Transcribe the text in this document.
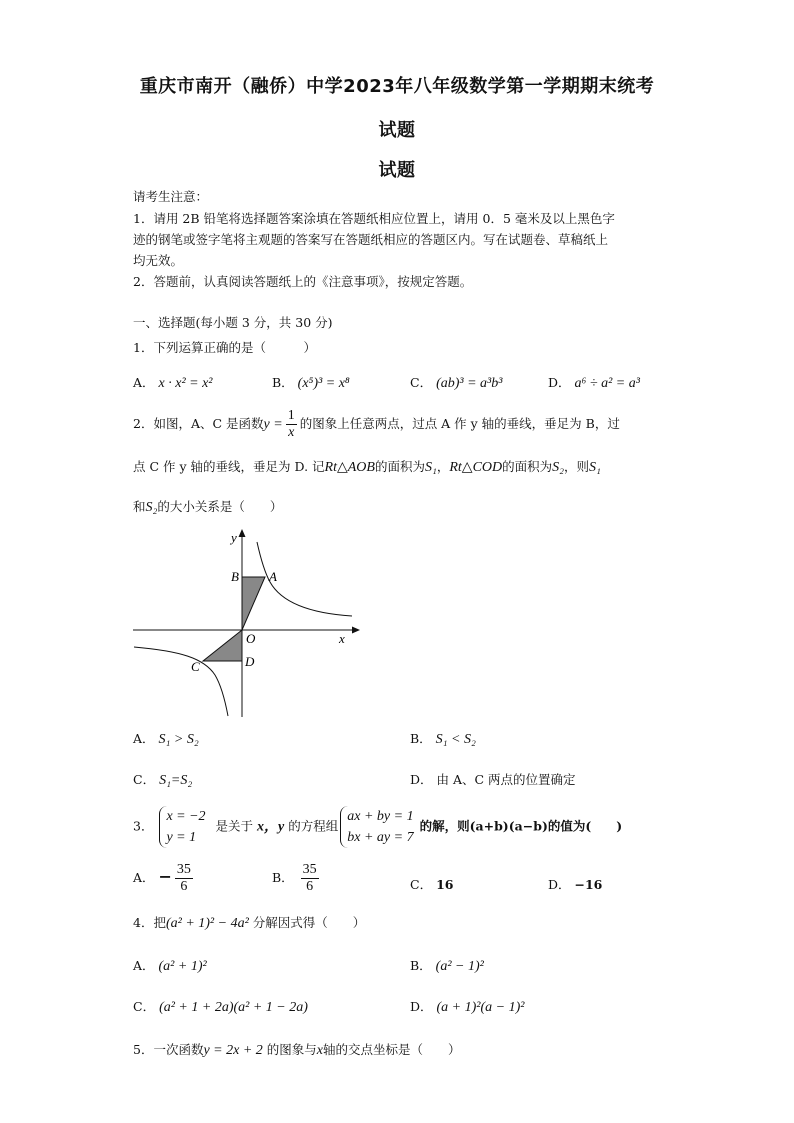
重庆市南开（融侨）中学2023年八年级数学第一学期期末统考
试题
试题
请考生注意：
1．请用 2B 铅笔将选择题答案涂填在答题纸相应位置上，请用 0．5 毫米及以上黑色字
迹的钢笔或签字笔将主观题的答案写在答题纸相应的答题区内。写在试题卷、草稿纸上
均无效。
2．答题前，认真阅读答题纸上的《注意事项》，按规定答题。
一、选择题(每小题 3 分，共 30 分)
1．下列运算正确的是（　　　）
A． x · x² = x²	B． (x⁵)³ = x⁸	C． (ab)³ = a³b³	D． a⁶ ÷ a² = a³
2．如图，A、C 是函数$y = \frac{1}{x}$ 的图象上任意两点，过点 A 作 y 轴的垂线，垂足为 B，过
点 C 作 y 轴的垂线，垂足为 D. 记Rt△AOB的面积为S₁，Rt△COD的面积为S₂，则S₁
和S₂的大小关系是（　　）
y
x
O
A
B
C	D
A． S₁ > S₂	B． S₁ < S₂
C． S₁=S₂	D． 由 A、C 两点的位置确定
3．
x = −2
y = 1
是关于 x，y 的方程组
ax + by = 1
bx + ay = 7
的解，则(a+b)(a−b)的值为(　　)
A． − $\frac{35}{6}$	B． $\frac{35}{6}$	C． 16	D． −16
4．把(a² + 1)² − 4a² 分解因式得（　　）
A． (a² + 1)²	B． (a² − 1)²
C． (a² + 1 + 2a)(a² + 1 − 2a)	D． (a + 1)²(a − 1)²
5．一次函数y = 2x + 2 的图象与x轴的交点坐标是（　　）
